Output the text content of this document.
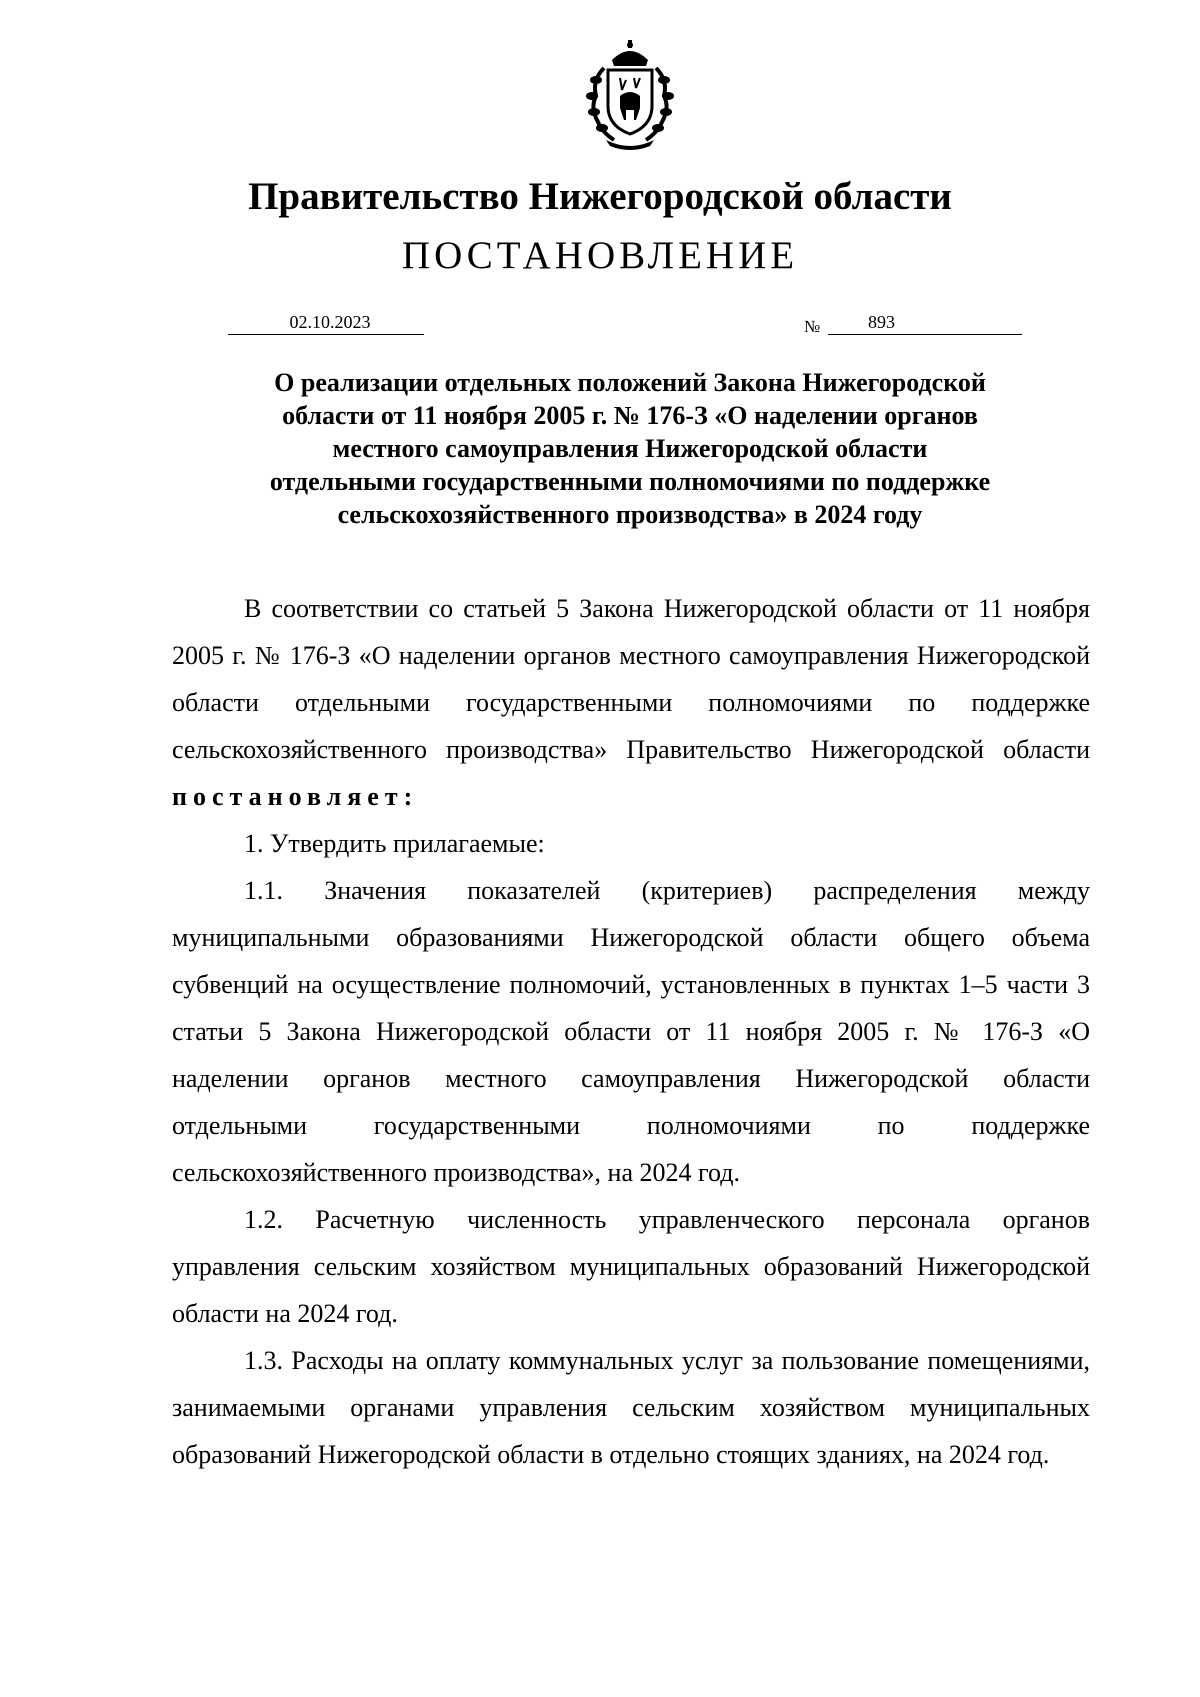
Правительство Нижегородской области
ПОСТАНОВЛЕНИЕ
02.10.2023	№	893
О реализации отдельных положений Закона Нижегородской
области от 11 ноября 2005 г. № 176-З «О наделении органов
местного самоуправления Нижегородской области
отдельными государственными полномочиями по поддержке
сельскохозяйственного производства» в 2024 году

В соответствии со статьей 5 Закона Нижегородской области от 11 ноября 2005 г. № 176-З «О наделении органов местного самоуправления Нижегородской области отдельными государственными полномочиями по поддержке сельскохозяйственного производства» Правительство Нижегородской области постановляет:

1. Утвердить прилагаемые:

1.1. Значения показателей (критериев) распределения между муниципальными образованиями Нижегородской области общего объема субвенций на осуществление полномочий, установленных в пунктах 1–5 части 3 статьи 5 Закона Нижегородской области от 11 ноября 2005 г. № 176-З «О наделении органов местного самоуправления Нижегородской области отдельными государственными полномочиями по поддержке сельскохозяйственного производства», на 2024 год.

1.2. Расчетную численность управленческого персонала органов управления сельским хозяйством муниципальных образований Нижегородской области на 2024 год.

1.3. Расходы на оплату коммунальных услуг за пользование помещениями, занимаемыми органами управления сельским хозяйством муниципальных образований Нижегородской области в отдельно стоящих зданиях, на 2024 год.
